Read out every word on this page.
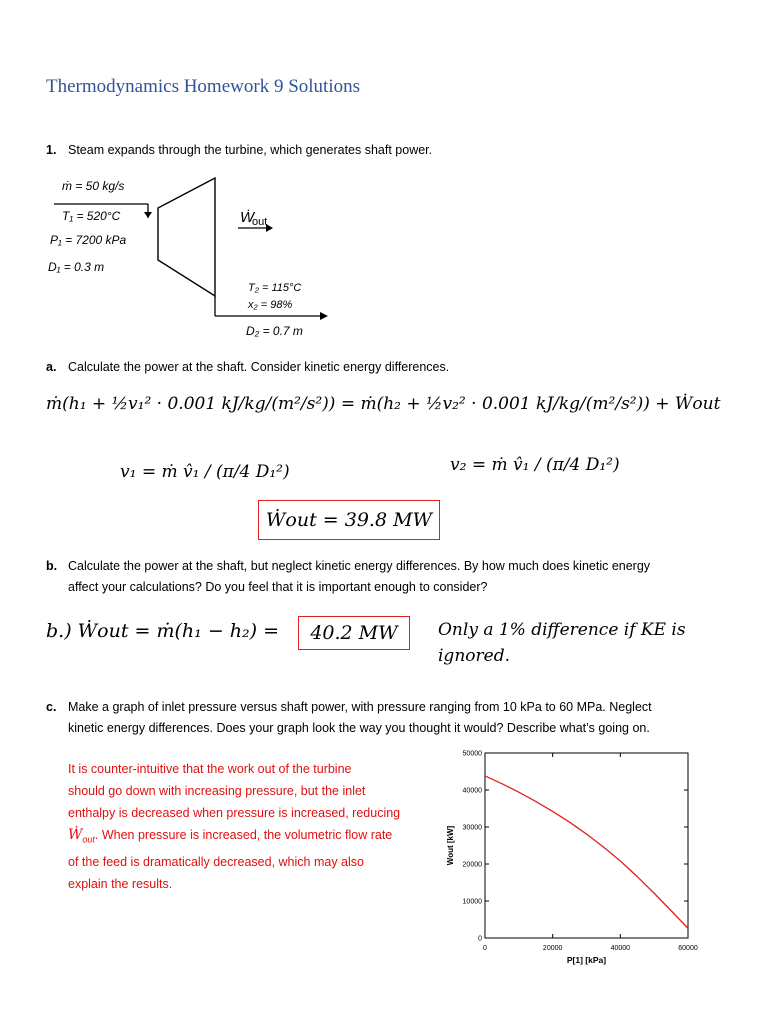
Thermodynamics Homework 9 Solutions
1. Steam expands through the turbine, which generates shaft power.
Ẇ
out
ṁ = 50 kg/s
T₁ = 520°C
P₁ = 7200 kPa
D₁ = 0.3 m
T₂ = 115°C
x₂ = 98%
D₂ = 0.7 m
a. Calculate the power at the shaft. Consider kinetic energy differences.
ṁ(h₁ + ½v₁² · 0.001 kJ/kg/(m²/s²)) = ṁ(h₂ + ½v₂² · 0.001 kJ/kg/(m²/s²)) + Ẇout
v₁ = ṁ v̂₁ / (π/4 D₁²)	v₂ = ṁ v̂₁ / (π/4 D₁²)
Ẇout = 39.8 MW
b. Calculate the power at the shaft, but neglect kinetic energy differences. By how much does kinetic energy
affect your calculations? Do you feel that it is important enough to consider?
b.) Ẇout = ṁ(h₁ − h₂) =	40.2 MW	Only a 1% difference if KE is
ignored.
c. Make a graph of inlet pressure versus shaft power, with pressure ranging from 10 kPa to 60 MPa. Neglect
kinetic energy differences. Does your graph look the way you thought it would? Describe what’s going on.
It is counter-intuitive that the work out of the turbine
should go down with increasing pressure, but the inlet
enthalpy is decreased when pressure is increased, reducing
Ẇ$_{out}$. When pressure is increased, the volumetric flow rate
of the feed is dramatically decreased, which may also
explain the results.
0	20000	40000	60000
0
10000
20000
30000
40000
50000
P[1] [kPa]
Wout [kW]
